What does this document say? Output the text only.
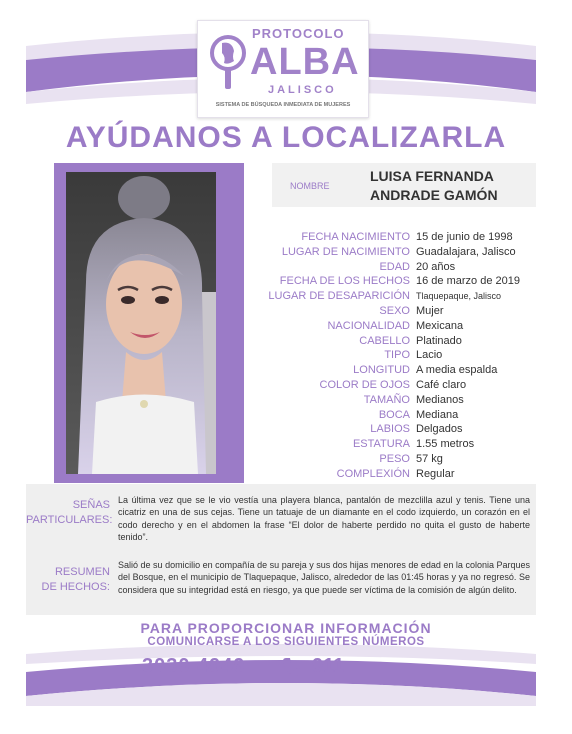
PROTOCOLO
ALBA
JALISCO
SISTEMA DE BÚSQUEDA INMEDIATA DE MUJERES
AYÚDANOS A LOCALIZARLA
NOMBRE
LUISA FERNANDA
ANDRADE GAMÓN
FECHA NACIMIENTO 15 de junio de 1998
LUGAR DE NACIMIENTO Guadalajara, Jalisco
EDAD 20 años
FECHA DE LOS HECHOS 16 de marzo de 2019
LUGAR DE DESAPARICIÓN Tlaquepaque, Jalisco
SEXO Mujer
NACIONALIDAD Mexicana
CABELLO Platinado
TIPO Lacio
LONGITUD A media espalda
COLOR DE OJOS Café claro
TAMAÑO Medianos
BOCA Mediana
LABIOS Delgados
ESTATURA 1.55 metros
PESO 57 kg
COMPLEXIÓN Regular
SEÑAS
PARTICULARES:
La última vez que se le vio vestía una playera blanca, pantalón de mezclilla azul y tenis. Tiene una cicatriz en una de sus cejas. Tiene un tatuaje de un diamante en el codo izquierdo, un corazón en el codo derecho y en el abdomen la frase “El dolor de haberte perdido no quita el gusto de haberte tenido”.
RESUMEN
DE HECHOS:
Salió de su domicilio en compañía de su pareja y sus dos hijas menores de edad en la colonia Parques del Bosque, en el municipio de Tlaquepaque, Jalisco, alrededor de las 01:45 horas y ya no regresó. Se considera que su integridad está en riesgo, ya que puede ser víctima de la comisión de algún delito.
PARA PROPORCIONAR INFORMACIÓN
COMUNICARSE A LOS SIGUIENTES NÚMEROS
3030 4949	911
